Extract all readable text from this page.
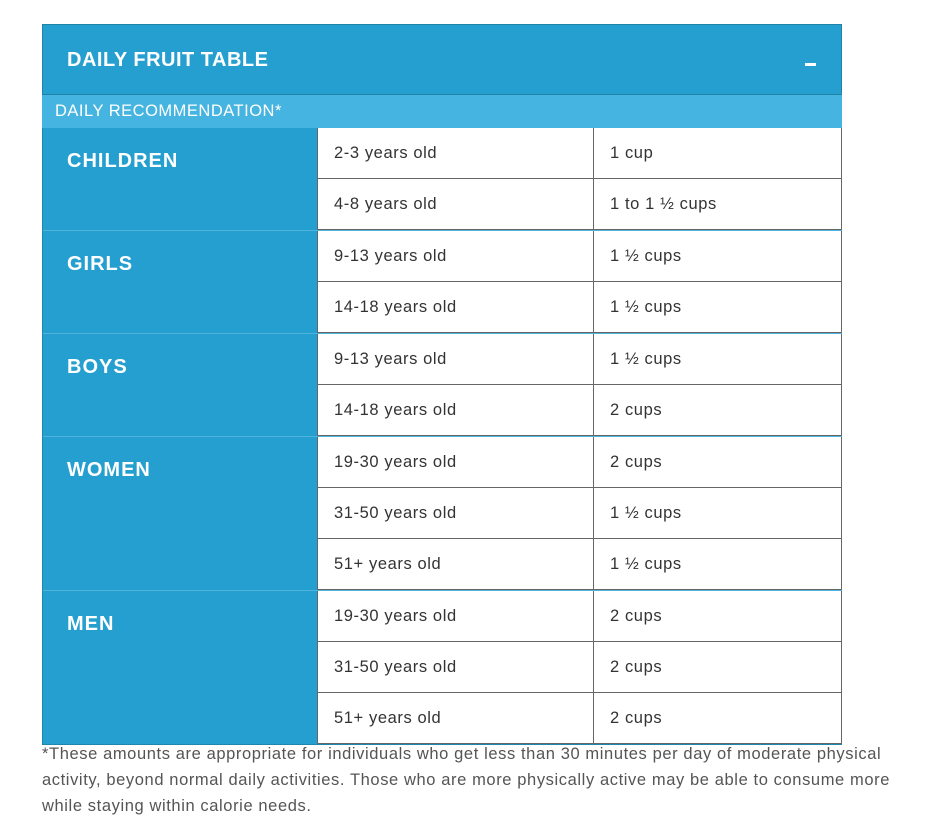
DAILY FRUIT TABLE
DAILY RECOMMENDATION*
CHILDREN	2-3 years old	1 cup
4-8 years old	1 to 1 ½ cups
GIRLS	9-13 years old	1 ½ cups
14-18 years old	1 ½ cups
BOYS	9-13 years old	1 ½ cups
14-18 years old	2 cups
WOMEN	19-30 years old	2 cups
31-50 years old	1 ½ cups
51+ years old	1 ½ cups
MEN	19-30 years old	2 cups
31-50 years old	2 cups
51+ years old	2 cups
*These amounts are appropriate for individuals who get less than 30 minutes per day of moderate physical activity, beyond normal daily activities. Those who are more physically active may be able to consume more while staying within calorie needs.
